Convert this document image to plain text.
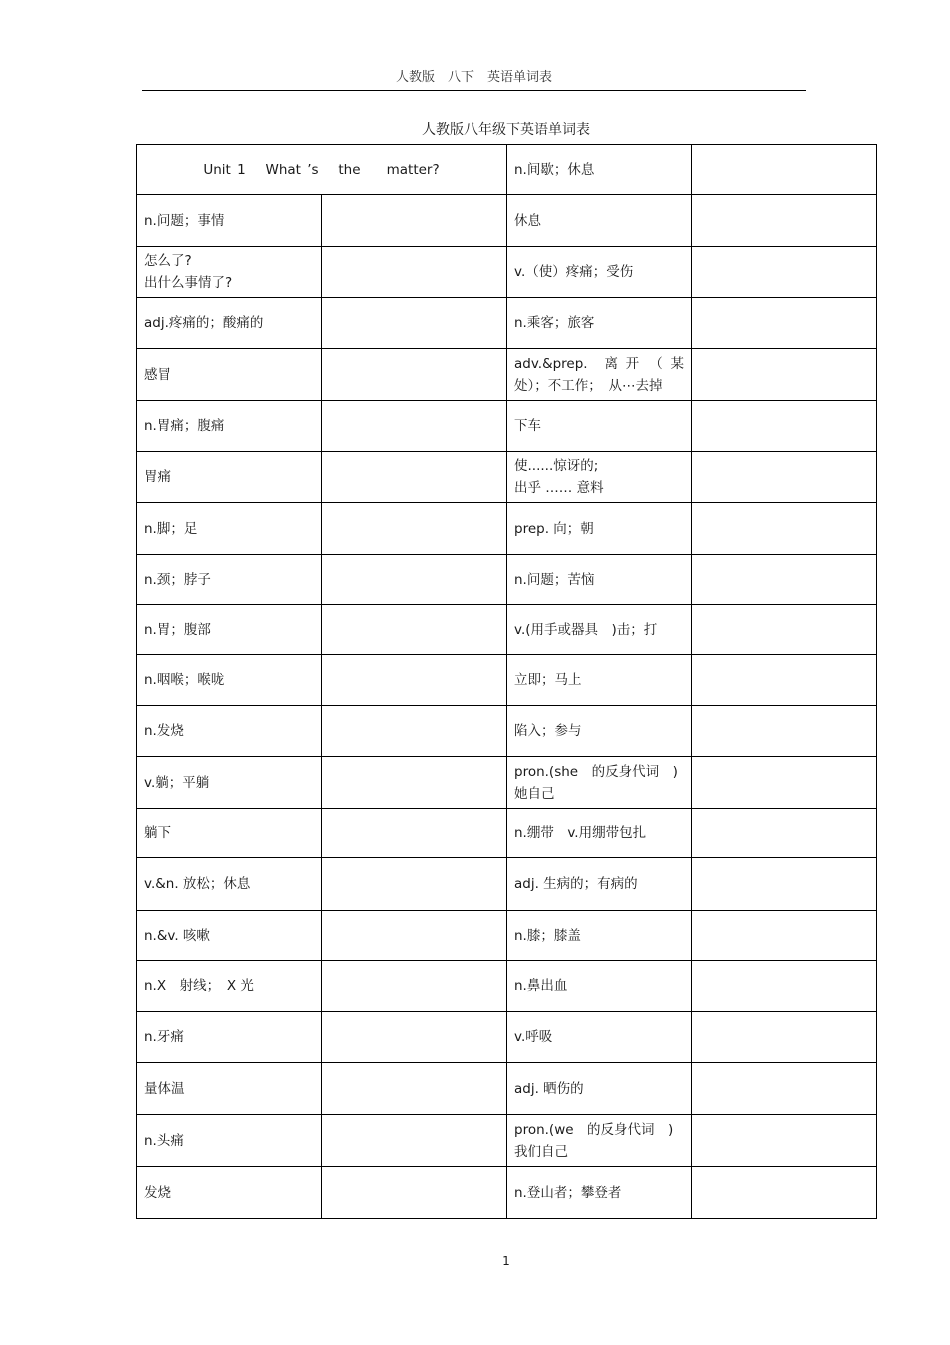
人教版　八下　英语单词表
人教版八年级下英语单词表
Unit 1　 What ’s 　the 　 matter?		n.间歇；休息	

n.问题；事情		休息	

怎么了?
出什么事情了?		v.（使）疼痛；受伤	

adj.疼痛的；酸痛的		n.乘客；旅客	

感冒		adv.&prep.　离 开　（ 某 处）；不工作；　从⋯去掉	

n.胃痛；腹痛		下车	

胃痛		使......惊讶的;
出乎 …… 意料	

n.脚；足		prep. 向；朝	

n.颈；脖子		n.问题；苦恼	

n.胃；腹部		v.(用手或器具　)击；打	

n.咽喉；喉咙		立即；马上	

n.发烧		陷入；参与	

v.躺；平躺		pron.(she　的反身代词　)
她自己	

躺下		n.绷带　v.用绷带包扎	

v.&n. 放松；休息		adj. 生病的；有病的	

n.&v. 咳嗽		n.膝；膝盖	

n.X　射线；　X 光		n.鼻出血	

n.牙痛		v.呼吸	

量体温		adj. 晒伤的	

n.头痛		pron.(we　的反身代词　)
我们自己	

发烧		n.登山者；攀登者	

1
